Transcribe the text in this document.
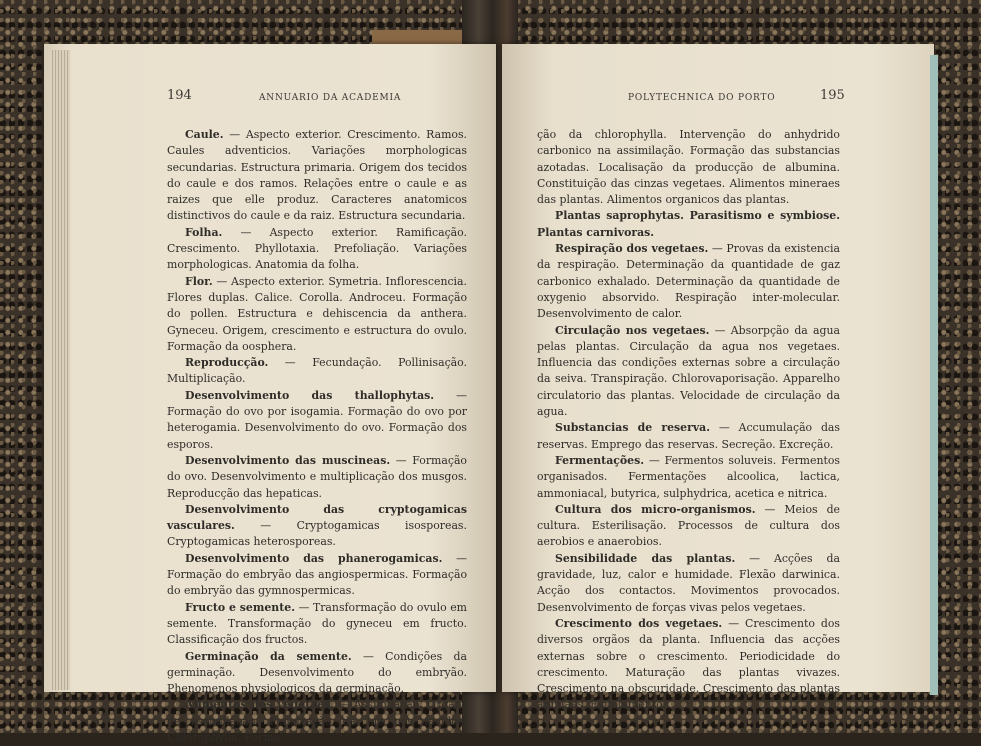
194	ANNUARIO DA ACADEMIA	POLYTECHNICA DO PORTO	195

Caule. — Aspecto exterior. Crescimento. Ramos. Caules adventicios. Variações morphologicas secundarias. Estructura primaria. Origem dos tecidos do caule e dos ramos. Relações entre o caule e as raizes que elle produz. Caracteres anatomicos distinctivos do caule e da raiz. Estructura secundaria.

Folha. — Aspecto exterior. Ramificação. Crescimento. Phyllotaxia. Prefoliação. Variações morphologicas. Anatomia da folha.

Flor. — Aspecto exterior. Symetria. Inflorescencia. Flores duplas. Calice. Corolla. Androceu. Formação do pollen. Estructura e dehiscencia da anthera. Gyneceu. Origem, crescimento e estructura do ovulo. Formação da oosphera.

Reproducção. — Fecundação. Pollinisação. Multiplicação.

Desenvolvimento das thallophytas. — Formação do ovo por isogamia. Formação do ovo por heterogamia. Desenvolvimento do ovo. Formação dos esporos.

Desenvolvimento das muscineas. — Formação do ovo. Desenvolvimento e multiplicação dos musgos. Reproducção das hepaticas.

Desenvolvimento das cryptogamicas vasculares. — Cryptogamicas isosporeas. Cryptogamicas heterosporeas.

Desenvolvimento das phanerogamicas. — Formação do embryão das angiospermicas. Formação do embryão das gymnospermicas.

Fructo e semente. — Transformação do ovulo em semente. Transformação do gyneceu em fructo. Classificação dos fructos.

Germinação da semente. — Condições da germinação. Desenvolvimento do embryão. Phenomenos physiologicos da germinação.

Alimentos dos vegetaes. — Assimilação. Orgãos de assimilação. Penetração da luz nos tecidos. Chlorophylla. Forma-

ção da chlorophylla. Intervenção do anhydrido carbonico na assimilação. Formação das substancias azotadas. Localisação da producção de albumina. Constituição das cinzas vegetaes. Alimentos mineraes das plantas. Alimentos organicos das plantas.

Plantas saprophytas. Parasitismo e symbiose. Plantas carnivoras.

Respiração dos vegetaes. — Provas da existencia da respiração. Determinação da quantidade de gaz carbonico exhalado. Determinação da quantidade de oxygenio absorvido. Respiração inter-molecular. Desenvolvimento de calor.

Circulação nos vegetaes. — Absorpção da agua pelas plantas. Circulação da agua nos vegetaes. Influencia das condições externas sobre a circulação da seiva. Transpiração. Chlorovaporisação. Apparelho circulatorio das plantas. Velocidade de circulação da agua.

Substancias de reserva. — Accumulação das reservas. Emprego das reservas. Secreção. Excreção.

Fermentações. — Fermentos soluveis. Fermentos organisados. Fermentações alcoolica, lactica, ammoniacal, butyrica, sulphydrica, acetica e nitrica.

Cultura dos micro-organismos. — Meios de cultura. Esterilisação. Processos de cultura dos aerobios e anaerobios.

Sensibilidade das plantas. — Acções da gravidade, luz, calor e humidade. Flexão darwinica. Acção dos contactos. Movimentos provocados. Desenvolvimento de forças vivas pelos vegetaes.

Crescimento dos vegetaes. — Crescimento dos diversos orgãos da planta. Influencia das acções externas sobre o crescimento. Periodicidade do crescimento. Maturação das plantas vivazes. Crescimento na obscuridade. Crescimento das plantas annuaes. Estiolamento.
